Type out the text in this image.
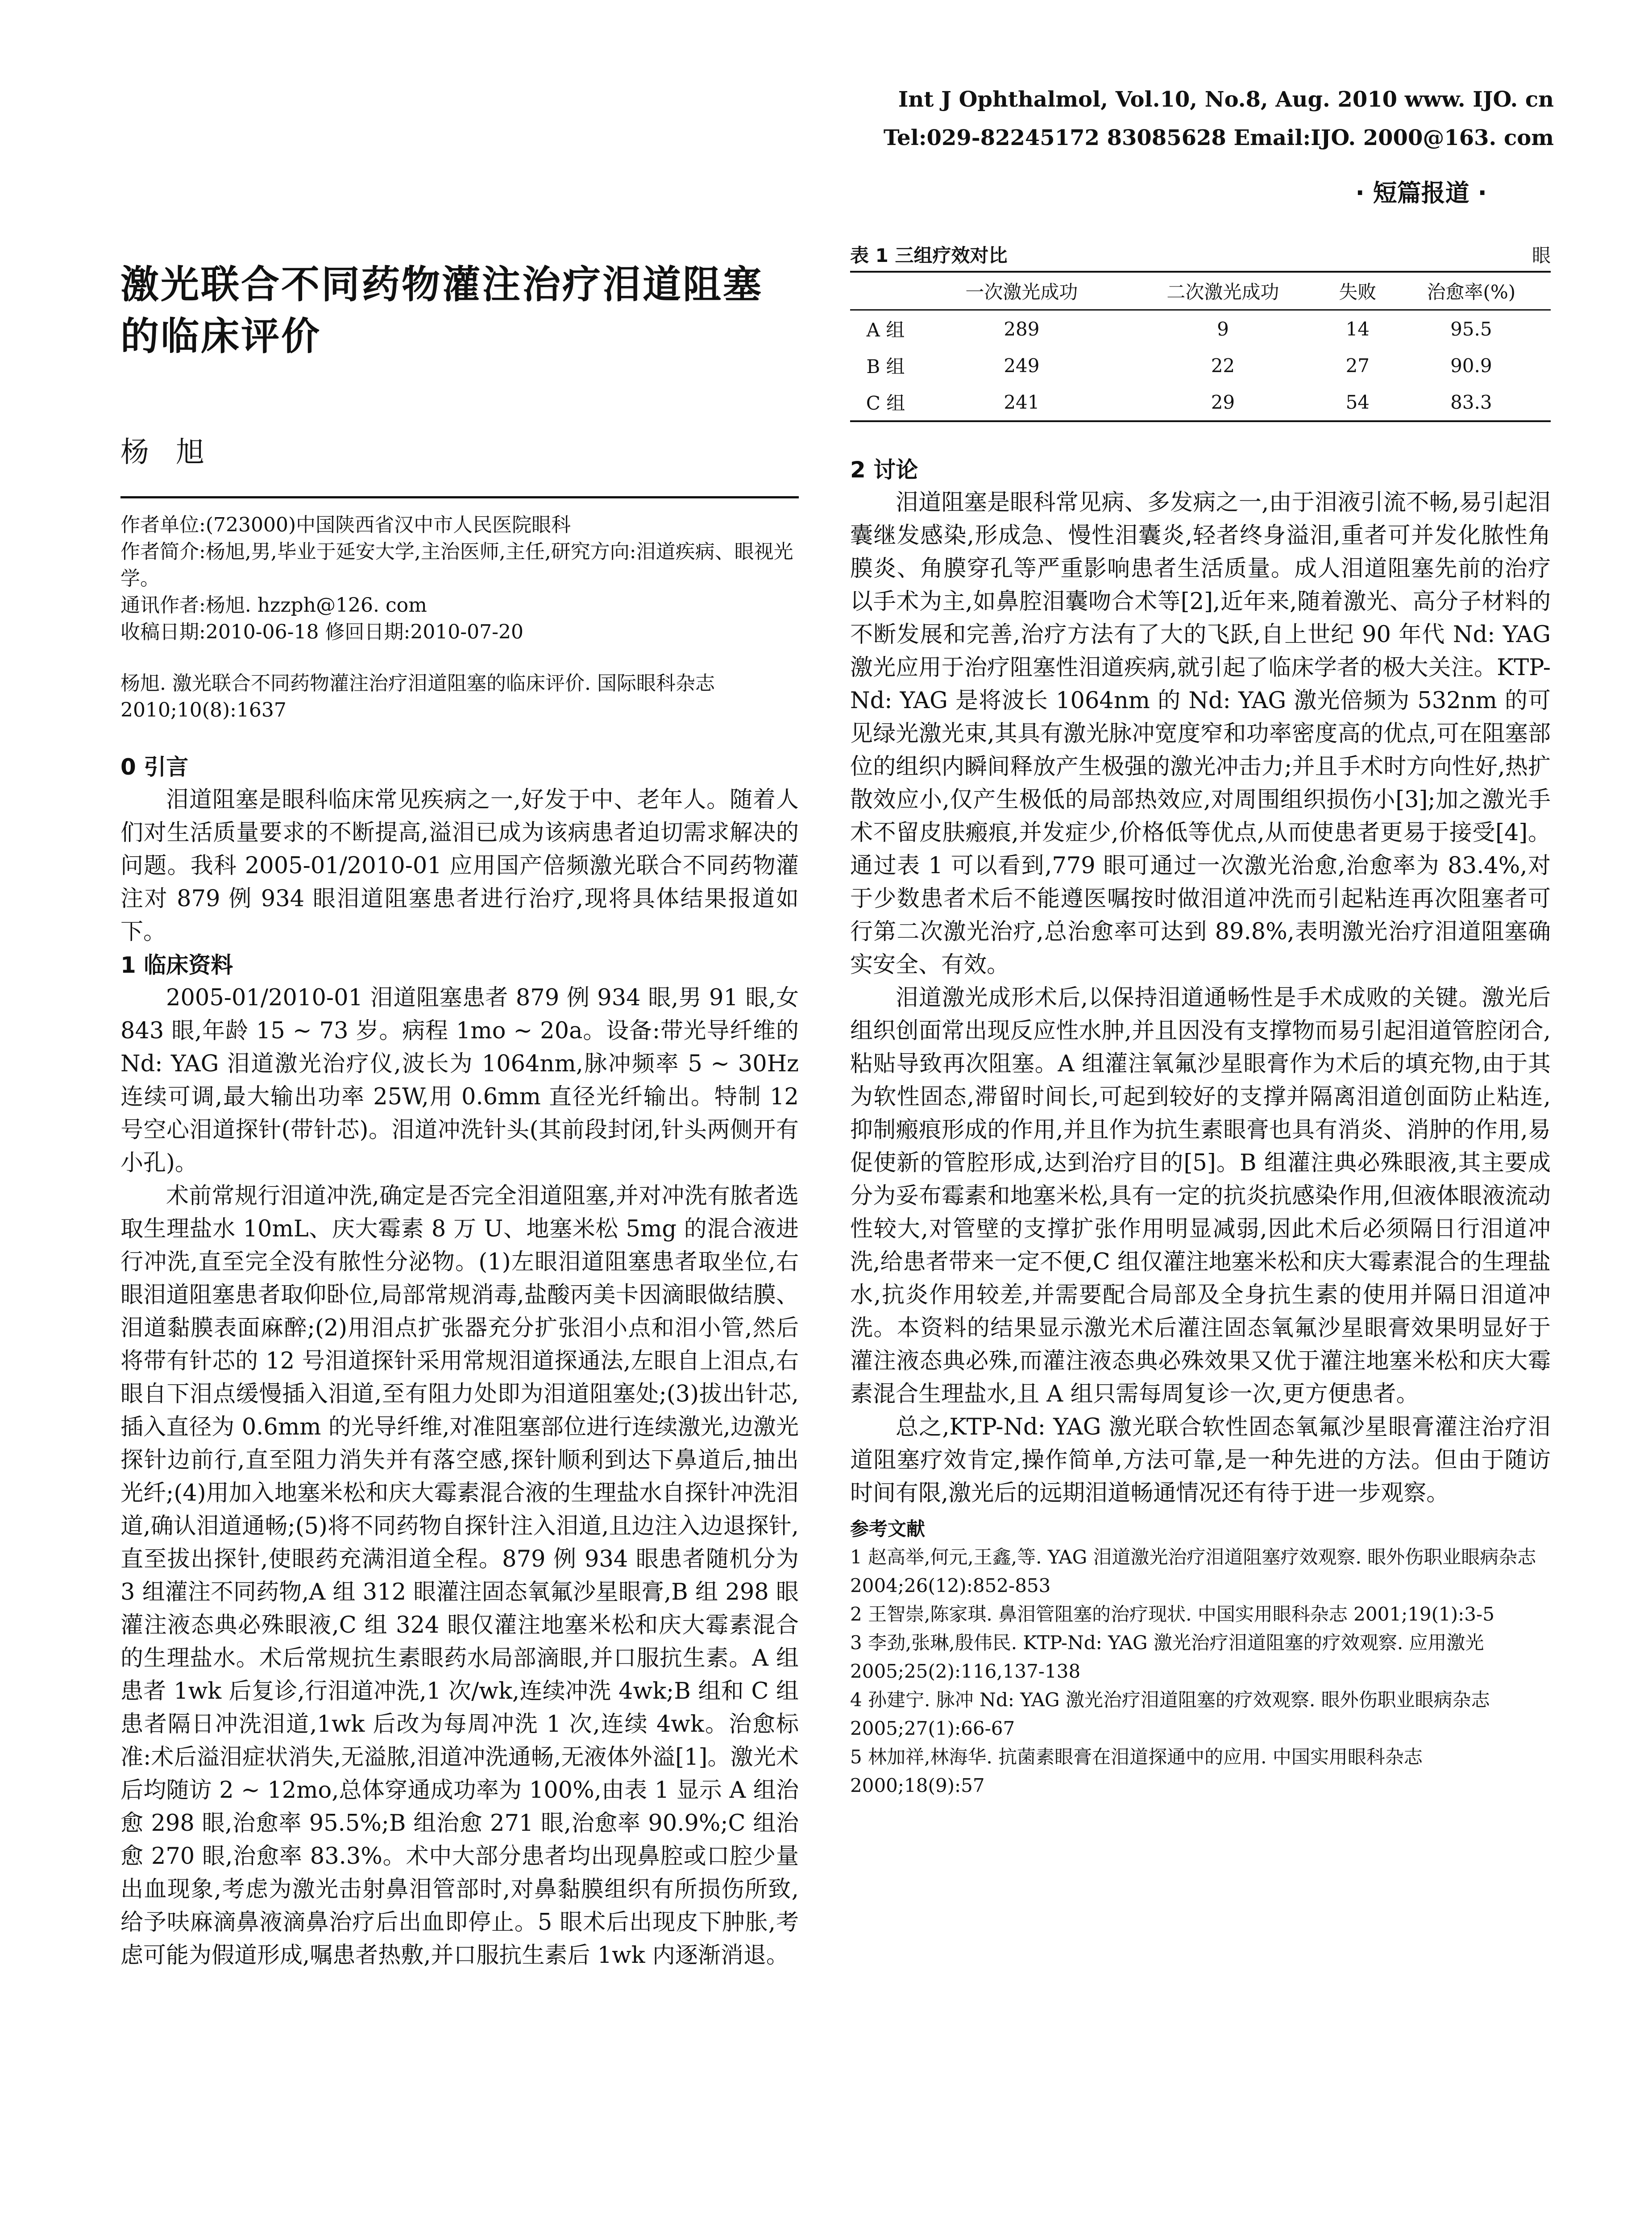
Int J Ophthalmol, Vol.10, No.8, Aug. 2010 www. IJO. cn
Tel:029-82245172 83085628 Email:IJO. 2000@163. com
· 短篇报道 ·
激光联合不同药物灌注治疗泪道阻塞的临床评价
杨旭

作者单位:(723000)中国陕西省汉中市人民医院眼科

作者简介:杨旭,男,毕业于延安大学,主治医师,主任,研究方向:泪道疾病、眼视光学。

通讯作者:杨旭. hzzph@126. com

收稿日期:2010-06-18 修回日期:2010-07-20

杨旭. 激光联合不同药物灌注治疗泪道阻塞的临床评价. 国际眼科杂志 2010;10(8):1637
0 引言

泪道阻塞是眼科临床常见疾病之一,好发于中、老年人。随着人们对生活质量要求的不断提高,溢泪已成为该病患者迫切需求解决的问题。我科 2005-01/2010-01 应用国产倍频激光联合不同药物灌注对 879 例 934 眼泪道阻塞患者进行治疗,现将具体结果报道如下。

1 临床资料

2005-01/2010-01 泪道阻塞患者 879 例 934 眼,男 91 眼,女 843 眼,年龄 15 ~ 73 岁。病程 1mo ~ 20a。设备:带光导纤维的 Nd: YAG 泪道激光治疗仪,波长为 1064nm,脉冲频率 5 ~ 30Hz 连续可调,最大输出功率 25W,用 0.6mm 直径光纤输出。特制 12 号空心泪道探针(带针芯)。泪道冲洗针头(其前段封闭,针头两侧开有小孔)。

术前常规行泪道冲洗,确定是否完全泪道阻塞,并对冲洗有脓者选取生理盐水 10mL、庆大霉素 8 万 U、地塞米松 5mg 的混合液进行冲洗,直至完全没有脓性分泌物。(1)左眼泪道阻塞患者取坐位,右眼泪道阻塞患者取仰卧位,局部常规消毒,盐酸丙美卡因滴眼做结膜、泪道黏膜表面麻醉;(2)用泪点扩张器充分扩张泪小点和泪小管,然后将带有针芯的 12 号泪道探针采用常规泪道探通法,左眼自上泪点,右眼自下泪点缓慢插入泪道,至有阻力处即为泪道阻塞处;(3)拔出针芯,插入直径为 0.6mm 的光导纤维,对准阻塞部位进行连续激光,边激光探针边前行,直至阻力消失并有落空感,探针顺利到达下鼻道后,抽出光纤;(4)用加入地塞米松和庆大霉素混合液的生理盐水自探针冲洗泪道,确认泪道通畅;(5)将不同药物自探针注入泪道,且边注入边退探针,直至拔出探针,使眼药充满泪道全程。879 例 934 眼患者随机分为 3 组灌注不同药物,A 组 312 眼灌注固态氧氟沙星眼膏,B 组 298 眼灌注液态典必殊眼液,C 组 324 眼仅灌注地塞米松和庆大霉素混合的生理盐水。术后常规抗生素眼药水局部滴眼,并口服抗生素。A 组患者 1wk 后复诊,行泪道冲洗,1 次/wk,连续冲洗 4wk;B 组和 C 组患者隔日冲洗泪道,1wk 后改为每周冲洗 1 次,连续 4wk。治愈标准:术后溢泪症状消失,无溢脓,泪道冲洗通畅,无液体外溢[1]。激光术后均随访 2 ~ 12mo,总体穿通成功率为 100%,由表 1 显示 A 组治愈 298 眼,治愈率 95.5%;B 组治愈 271 眼,治愈率 90.9%;C 组治愈 270 眼,治愈率 83.3%。术中大部分患者均出现鼻腔或口腔少量出血现象,考虑为激光击射鼻泪管部时,对鼻黏膜组织有所损伤所致,给予呋麻滴鼻液滴鼻治疗后出血即停止。5 眼术后出现皮下肿胀,考虑可能为假道形成,嘱患者热敷,并口服抗生素后 1wk 内逐渐消退。

表 1 三组疗效对比	眼
	一次激光成功	二次激光成功	失败	治愈率(%)
A 组	289	9	14	95.5
B 组	249	22	27	90.9
C 组	241	29	54	83.3
2 讨论

泪道阻塞是眼科常见病、多发病之一,由于泪液引流不畅,易引起泪囊继发感染,形成急、慢性泪囊炎,轻者终身溢泪,重者可并发化脓性角膜炎、角膜穿孔等严重影响患者生活质量。成人泪道阻塞先前的治疗以手术为主,如鼻腔泪囊吻合术等[2],近年来,随着激光、高分子材料的不断发展和完善,治疗方法有了大的飞跃,自上世纪 90 年代 Nd: YAG 激光应用于治疗阻塞性泪道疾病,就引起了临床学者的极大关注。KTP-Nd: YAG 是将波长 1064nm 的 Nd: YAG 激光倍频为 532nm 的可见绿光激光束,其具有激光脉冲宽度窄和功率密度高的优点,可在阻塞部位的组织内瞬间释放产生极强的激光冲击力;并且手术时方向性好,热扩散效应小,仅产生极低的局部热效应,对周围组织损伤小[3];加之激光手术不留皮肤瘢痕,并发症少,价格低等优点,从而使患者更易于接受[4]。通过表 1 可以看到,779 眼可通过一次激光治愈,治愈率为 83.4%,对于少数患者术后不能遵医嘱按时做泪道冲洗而引起粘连再次阻塞者可行第二次激光治疗,总治愈率可达到 89.8%,表明激光治疗泪道阻塞确实安全、有效。

泪道激光成形术后,以保持泪道通畅性是手术成败的关键。激光后组织创面常出现反应性水肿,并且因没有支撑物而易引起泪道管腔闭合,粘贴导致再次阻塞。A 组灌注氧氟沙星眼膏作为术后的填充物,由于其为软性固态,滞留时间长,可起到较好的支撑并隔离泪道创面防止粘连,抑制瘢痕形成的作用,并且作为抗生素眼膏也具有消炎、消肿的作用,易促使新的管腔形成,达到治疗目的[5]。B 组灌注典必殊眼液,其主要成分为妥布霉素和地塞米松,具有一定的抗炎抗感染作用,但液体眼液流动性较大,对管壁的支撑扩张作用明显减弱,因此术后必须隔日行泪道冲洗,给患者带来一定不便,C 组仅灌注地塞米松和庆大霉素混合的生理盐水,抗炎作用较差,并需要配合局部及全身抗生素的使用并隔日泪道冲洗。本资料的结果显示激光术后灌注固态氧氟沙星眼膏效果明显好于灌注液态典必殊,而灌注液态典必殊效果又优于灌注地塞米松和庆大霉素混合生理盐水,且 A 组只需每周复诊一次,更方便患者。

总之,KTP-Nd: YAG 激光联合软性固态氧氟沙星眼膏灌注治疗泪道阻塞疗效肯定,操作简单,方法可靠,是一种先进的方法。但由于随访时间有限,激光后的远期泪道畅通情况还有待于进一步观察。

参考文献

1 赵高举,何元,王鑫,等. YAG 泪道激光治疗泪道阻塞疗效观察. 眼外伤职业眼病杂志 2004;26(12):852-853

2 王智崇,陈家琪. 鼻泪管阻塞的治疗现状. 中国实用眼科杂志 2001;19(1):3-5

3 李劲,张琳,殷伟民. KTP-Nd: YAG 激光治疗泪道阻塞的疗效观察. 应用激光 2005;25(2):116,137-138

4 孙建宁. 脉冲 Nd: YAG 激光治疗泪道阻塞的疗效观察. 眼外伤职业眼病杂志 2005;27(1):66-67

5 林加祥,林海华. 抗菌素眼膏在泪道探通中的应用. 中国实用眼科杂志 2000;18(9):57
